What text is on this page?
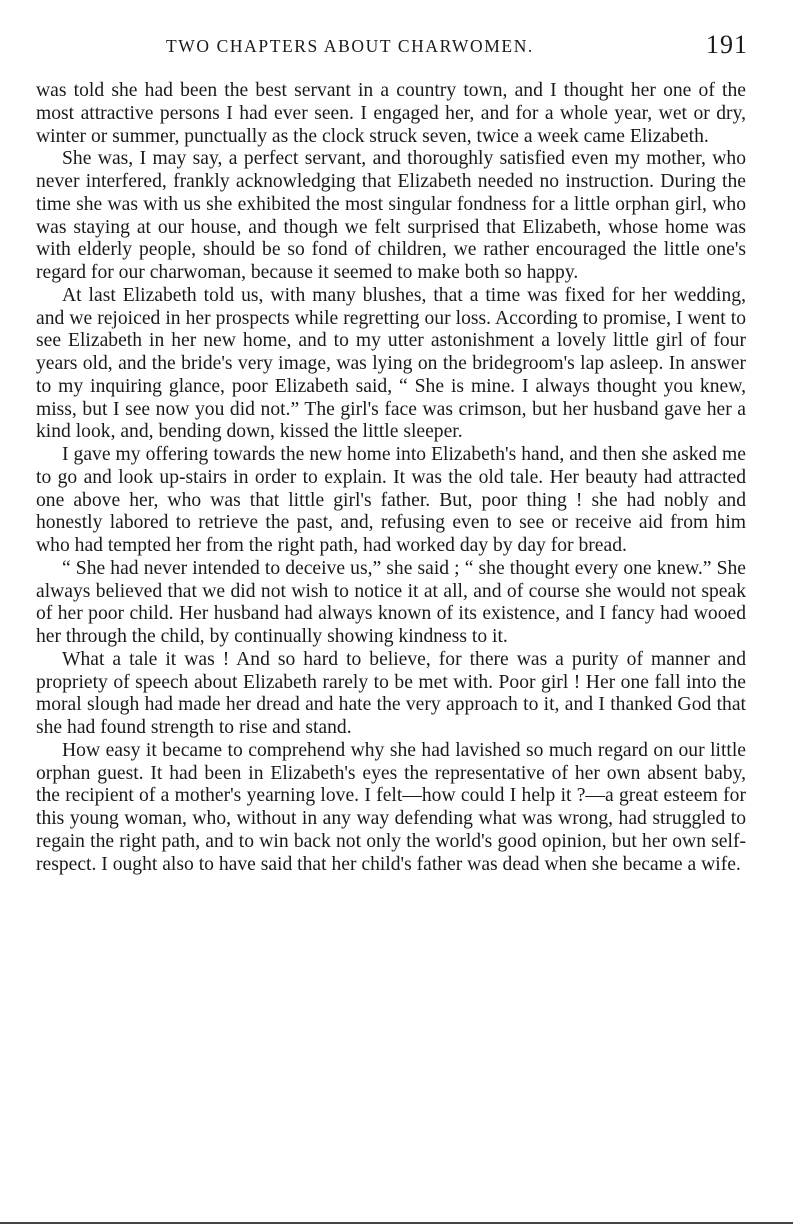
TWO CHAPTERS ABOUT CHARWOMEN.	191

was told she had been the best servant in a country town, and I thought her one of the most attractive persons I had ever seen. I engaged her, and for a whole year, wet or dry, winter or summer, punctually as the clock struck seven, twice a week came Elizabeth.

She was, I may say, a perfect servant, and thoroughly satisfied even my mother, who never interfered, frankly acknowledging that Elizabeth needed no instruction. During the time she was with us she exhibited the most singular fondness for a little orphan girl, who was staying at our house, and though we felt surprised that Elizabeth, whose home was with elderly people, should be so fond of children, we rather encouraged the little one's regard for our charwoman, because it seemed to make both so happy.

At last Elizabeth told us, with many blushes, that a time was fixed for her wedding, and we rejoiced in her prospects while regretting our loss. According to promise, I went to see Elizabeth in her new home, and to my utter astonishment a lovely little girl of four years old, and the bride's very image, was lying on the bridegroom's lap asleep. In answer to my inquiring glance, poor Elizabeth said, “ She is mine. I always thought you knew, miss, but I see now you did not.” The girl's face was crimson, but her husband gave her a kind look, and, bending down, kissed the little sleeper.

I gave my offering towards the new home into Elizabeth's hand, and then she asked me to go and look up-stairs in order to explain. It was the old tale. Her beauty had attracted one above her, who was that little girl's father. But, poor thing ! she had nobly and honestly labored to retrieve the past, and, refusing even to see or receive aid from him who had tempted her from the right path, had worked day by day for bread.

“ She had never intended to deceive us,” she said ; “ she thought every one knew.” She always believed that we did not wish to notice it at all, and of course she would not speak of her poor child. Her husband had always known of its existence, and I fancy had wooed her through the child, by continually showing kindness to it.

What a tale it was ! And so hard to believe, for there was a purity of manner and propriety of speech about Elizabeth rarely to be met with. Poor girl ! Her one fall into the moral slough had made her dread and hate the very approach to it, and I thanked God that she had found strength to rise and stand.

How easy it became to comprehend why she had lavished so much regard on our little orphan guest. It had been in Elizabeth's eyes the representative of her own absent baby, the recipient of a mother's yearning love. I felt—how could I help it ?—a great esteem for this young woman, who, without in any way defending what was wrong, had struggled to regain the right path, and to win back not only the world's good opinion, but her own self-respect. I ought also to have said that her child's father was dead when she became a wife.
